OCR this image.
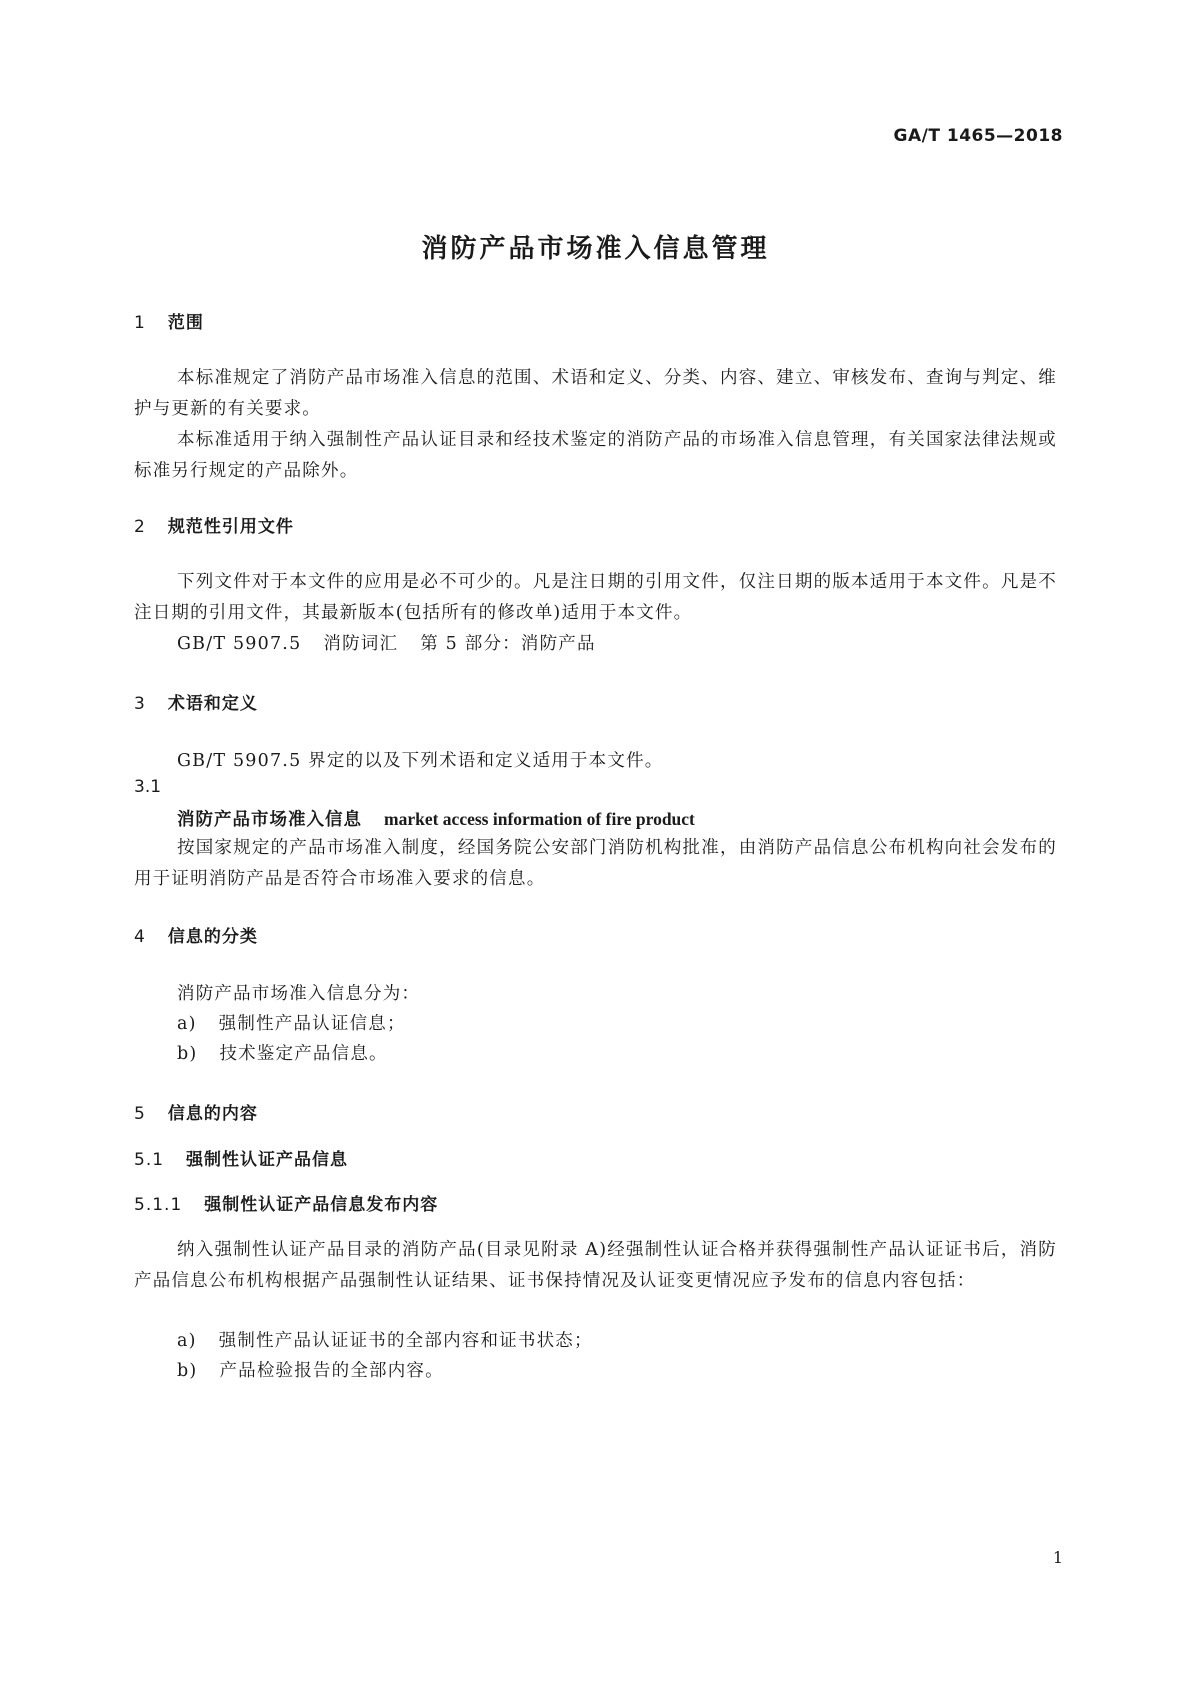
GA/T 1465—2018
消防产品市场准入信息管理
1 范围

本标准规定了消防产品市场准入信息的范围、术语和定义、分类、内容、建立、审核发布、查询与判定、维护与更新的有关要求。

本标准适用于纳入强制性产品认证目录和经技术鉴定的消防产品的市场准入信息管理，有关国家法律法规或标准另行规定的产品除外。

2 规范性引用文件

下列文件对于本文件的应用是必不可少的。凡是注日期的引用文件，仅注日期的版本适用于本文件。凡是不注日期的引用文件，其最新版本(包括所有的修改单)适用于本文件。

GB/T 5907.5 消防词汇 第 5 部分：消防产品
3 术语和定义
GB/T 5907.5 界定的以及下列术语和定义适用于本文件。
3.1
消防产品市场准入信息 market access information of fire product

按国家规定的产品市场准入制度，经国务院公安部门消防机构批准，由消防产品信息公布机构向社会发布的用于证明消防产品是否符合市场准入要求的信息。

4 信息的分类
消防产品市场准入信息分为：
a) 强制性产品认证信息；
b) 技术鉴定产品信息。
5 信息的内容
5.1 强制性认证产品信息
5.1.1 强制性认证产品信息发布内容

纳入强制性认证产品目录的消防产品(目录见附录 A)经强制性认证合格并获得强制性产品认证证书后，消防产品信息公布机构根据产品强制性认证结果、证书保持情况及认证变更情况应予发布的信息内容包括：

a) 强制性产品认证证书的全部内容和证书状态；
b) 产品检验报告的全部内容。
1
